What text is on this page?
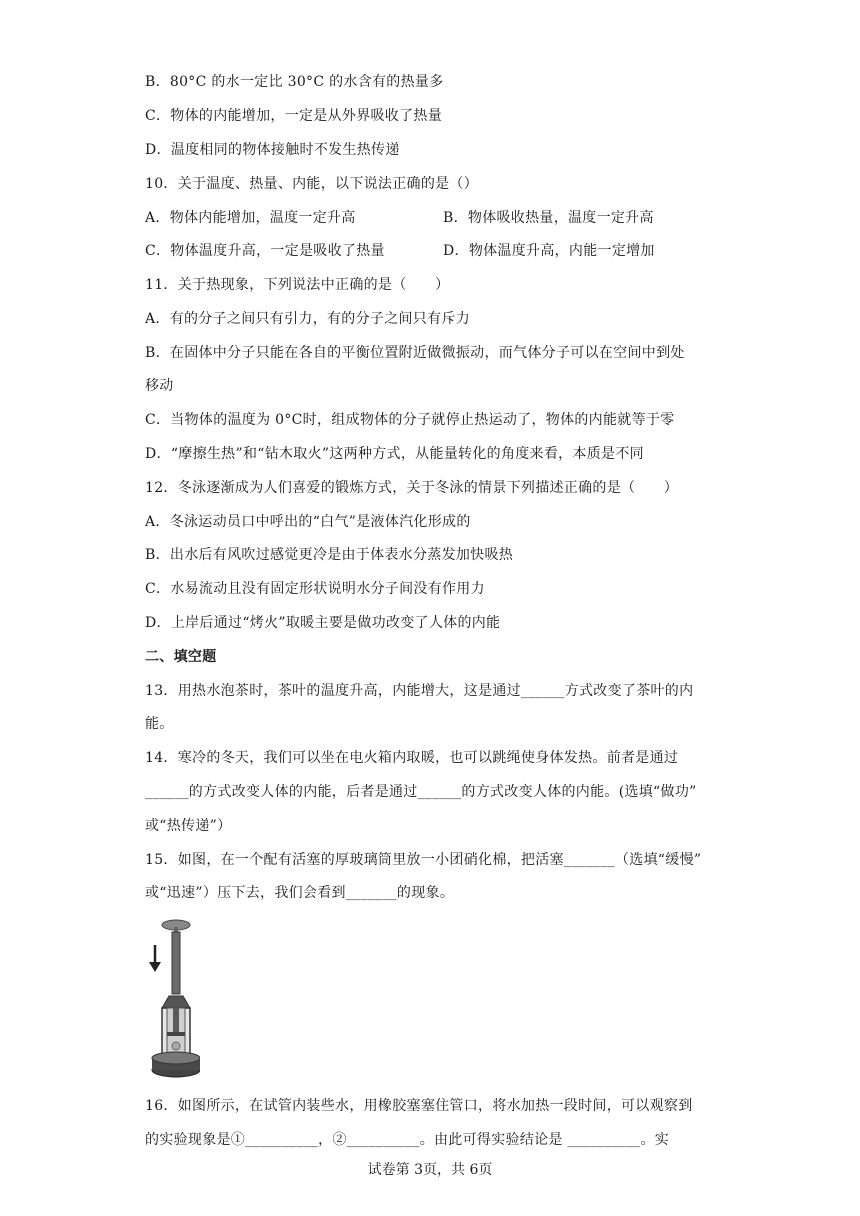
B．80°C 的水一定比 30°C 的水含有的热量多
C．物体的内能增加，一定是从外界吸收了热量
D．温度相同的物体接触时不发生热传递
10．关于温度、热量、内能，以下说法正确的是（）
A．物体内能增加，温度一定升高	B．物体吸收热量，温度一定升高
C．物体温度升高，一定是吸收了热量	D．物体温度升高，内能一定增加
11．关于热现象，下列说法中正确的是（　　）
A．有的分子之间只有引力，有的分子之间只有斥力
B．在固体中分子只能在各自的平衡位置附近做微振动，而气体分子可以在空间中到处
移动
C．当物体的温度为 0°C时，组成物体的分子就停止热运动了，物体的内能就等于零
D．“摩擦生热”和“钻木取火”这两种方式，从能量转化的角度来看，本质是不同
12．冬泳逐渐成为人们喜爱的锻炼方式，关于冬泳的情景下列描述正确的是（　　）
A．冬泳运动员口中呼出的“白气”是液体汽化形成的
B．出水后有风吹过感觉更冷是由于体表水分蒸发加快吸热
C．水易流动且没有固定形状说明水分子间没有作用力
D．上岸后通过“烤火”取暖主要是做功改变了人体的内能
二、填空题
13．用热水泡茶时，茶叶的温度升高，内能增大，这是通过______方式改变了茶叶的内
能。
14．寒冷的冬天，我们可以坐在电火箱内取暖，也可以跳绳使身体发热。前者是通过
______的方式改变人体的内能，后者是通过______的方式改变人体的内能。(选填“做功”
或“热传递”）
15．如图，在一个配有活塞的厚玻璃筒里放一小团硝化棉，把活塞_______（选填“缓慢”
或“迅速”）压下去，我们会看到_______的现象。
16．如图所示，在试管内装些水，用橡胶塞塞住管口，将水加热一段时间，可以观察到
的实验现象是①__________，②__________。由此可得实验结论是 __________。实
试卷第 3页，共 6页
